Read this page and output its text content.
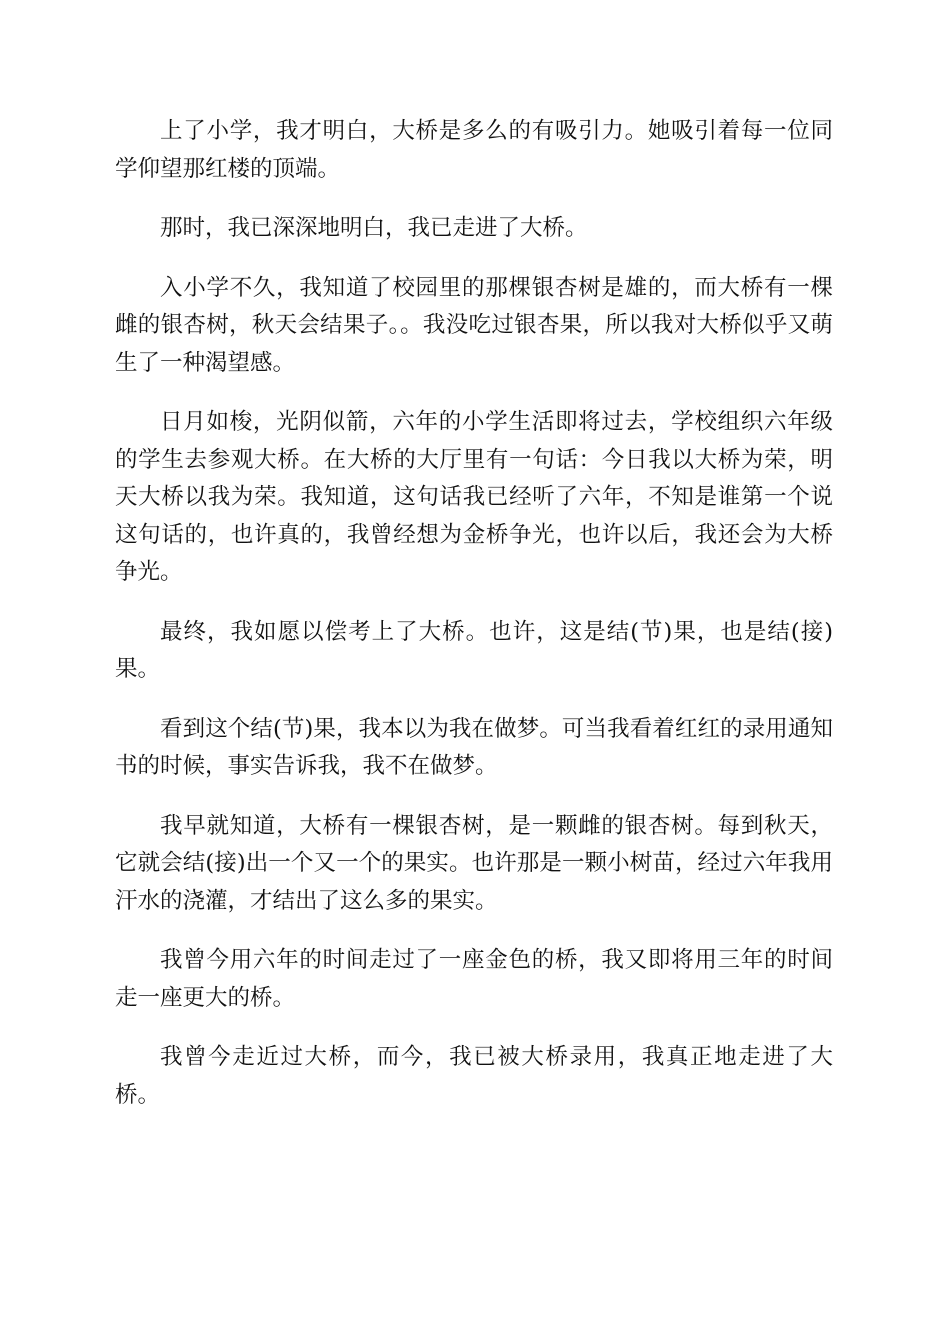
上了小学，我才明白，大桥是多么的有吸引力。她吸引着每一位同学仰望那红楼的顶端。

那时，我已深深地明白，我已走进了大桥。

入小学不久，我知道了校园里的那棵银杏树是雄的，而大桥有一棵雌的银杏树，秋天会结果子。。我没吃过银杏果，所以我对大桥似乎又萌生了一种渴望感。

日月如梭，光阴似箭，六年的小学生活即将过去，学校组织六年级的学生去参观大桥。在大桥的大厅里有一句话：今日我以大桥为荣，明天大桥以我为荣。我知道，这句话我已经听了六年，不知是谁第一个说这句话的，也许真的，我曾经想为金桥争光，也许以后，我还会为大桥争光。

最终，我如愿以偿考上了大桥。也许，这是结(节)果，也是结(接)果。

看到这个结(节)果，我本以为我在做梦。可当我看着红红的录用通知书的时候，事实告诉我，我不在做梦。

我早就知道，大桥有一棵银杏树，是一颗雌的银杏树。每到秋天，它就会结(接)出一个又一个的果实。也许那是一颗小树苗，经过六年我用汗水的浇灌，才结出了这么多的果实。

我曾今用六年的时间走过了一座金色的桥，我又即将用三年的时间走一座更大的桥。

我曾今走近过大桥，而今，我已被大桥录用，我真正地走进了大桥。
